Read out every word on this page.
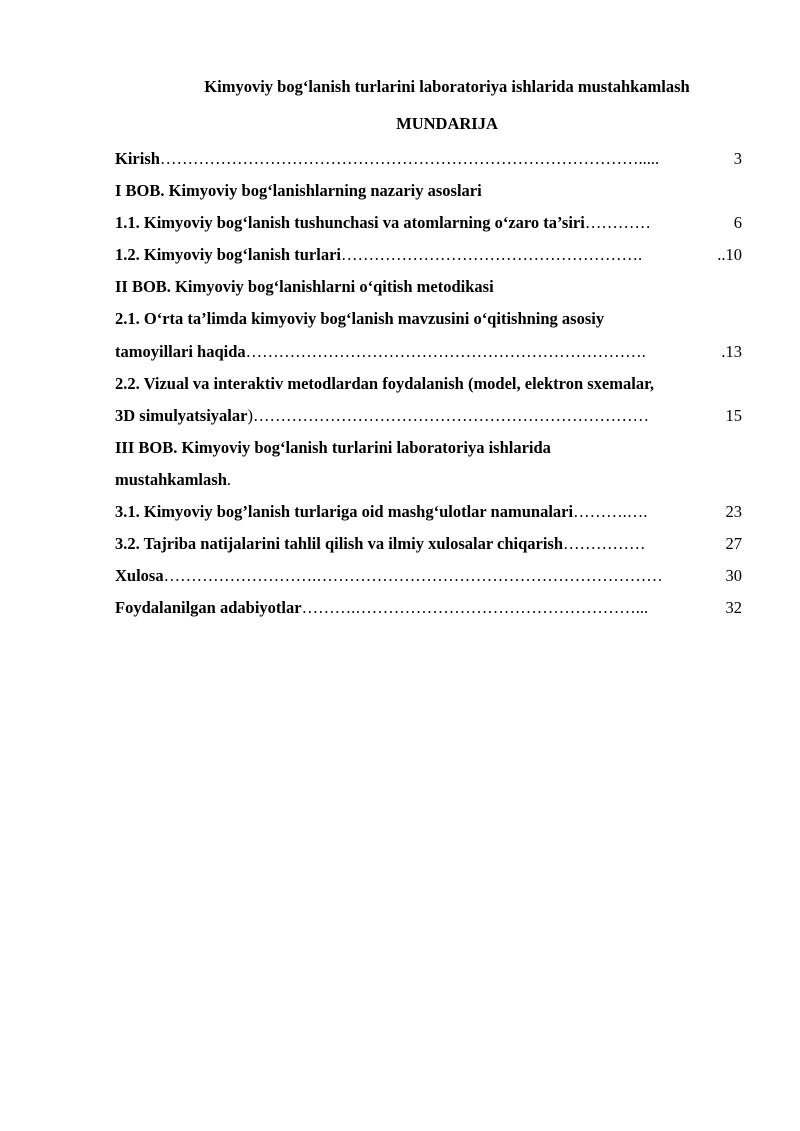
Kimyoviy bog‘lanish turlarini laboratoriya ishlarida mustahkamlash
MUNDARIJA
Kirish …………………………………………………………………………….....	3
I BOB. Kimyoviy bog‘lanishlarning nazariy asoslari
1.1. Kimyoviy bog‘lanish tushunchasi va atomlarning o‘zaro ta’siri …………	6
1.2. Kimyoviy bog‘lanish turlari ……………………………………………….	..10
II BOB. Kimyoviy bog‘lanishlarni o‘qitish metodikasi
2.1. O‘rta ta’limda kimyoviy bog‘lanish mavzusini o‘qitishning asosiy
tamoyillari haqida ……………………………………………………………….	.13
2.2. Vizual va interaktiv metodlardan foydalanish (model, elektron sxemalar,
3D simulyatsiyalar ) ………………………………………………………………	15
III BOB. Kimyoviy bog‘lanish turlarini laboratoriya ishlarida
mustahkamlash .
3.1. Kimyoviy bog’lanish turlariga oid mashg‘ulotlar namunalari ……….….	23
3.2. Tajriba natijalarini tahlil qilish va ilmiy xulosalar chiqarish ……………	27
Xulosa ……………………….………………………………………………………	30
Foydalanilgan adabiyotlar ……….……………………………………………...	32
